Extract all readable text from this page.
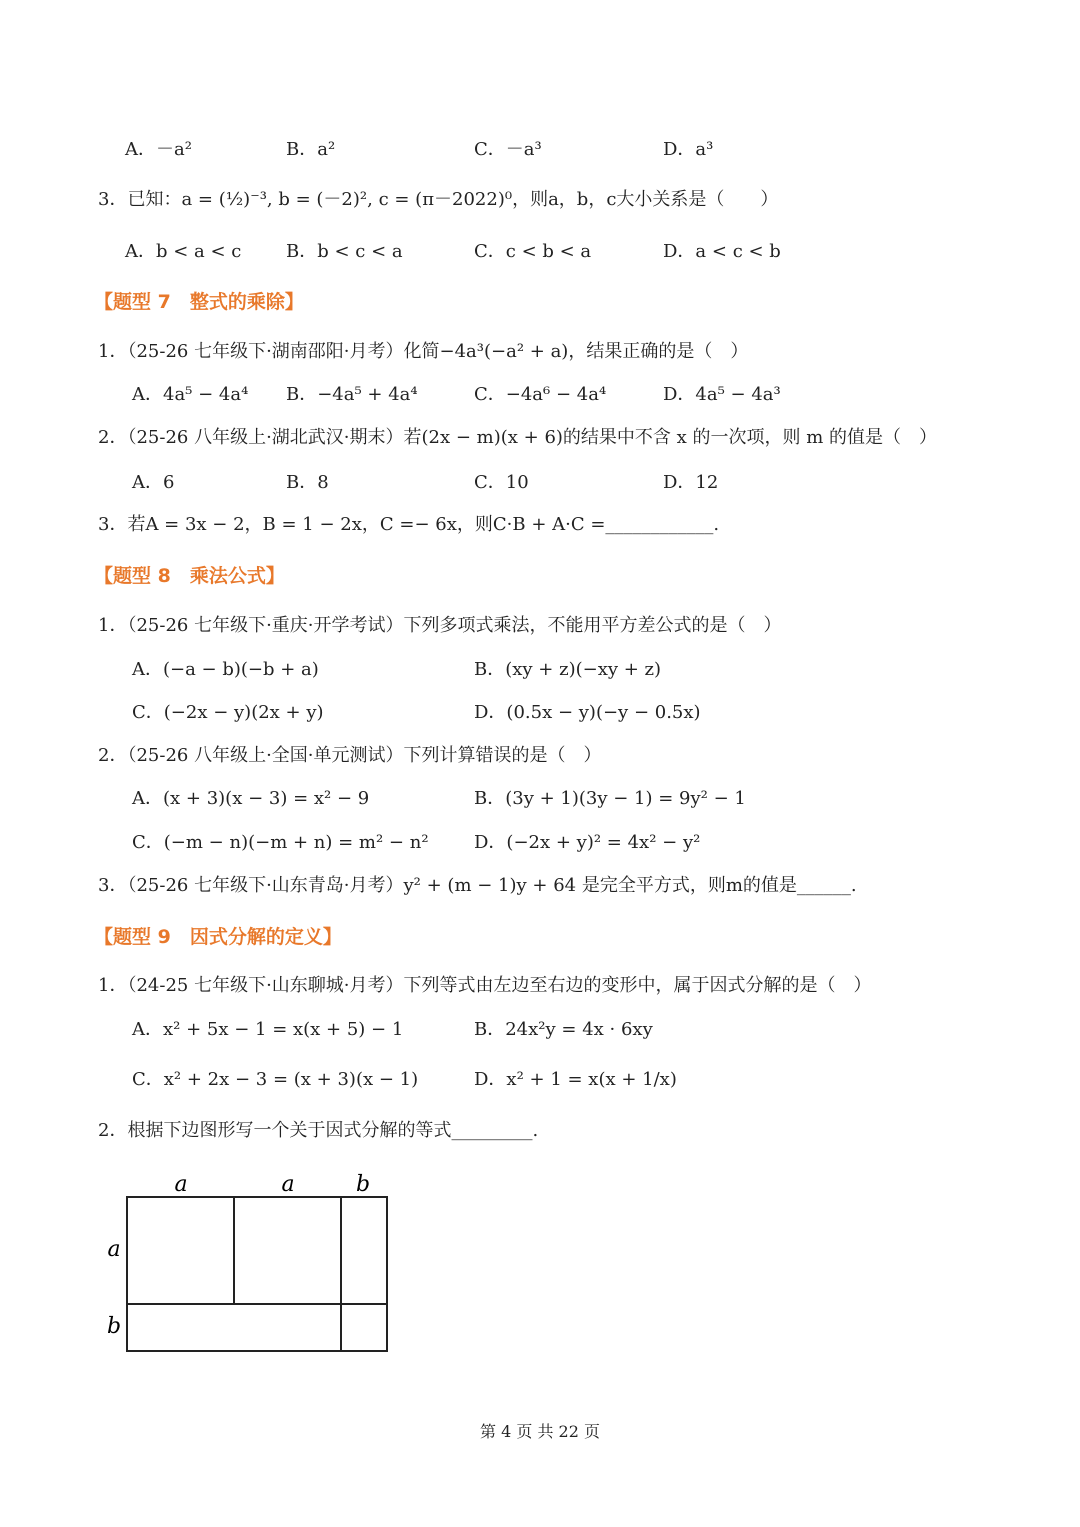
A．－a²	B．a²	C．－a³	D．a³
3．已知：a = (½)⁻³, b = (－2)², c = (π－2022)⁰，则a，b，c大小关系是（　　）
A．b < a < c B．b < c < a	C．c < b < a	D．a < c < b
【题型 7　整式的乘除】
1．（25-26 七年级下·湖南邵阳·月考）化简−4a³(−a² + a)，结果正确的是（　）
A．4a⁵ − 4a⁴ B．−4a⁵ + 4a⁴	C．−4a⁶ − 4a⁴	D．4a⁵ − 4a³
2．（25-26 八年级上·湖北武汉·期末）若(2x − m)(x + 6)的结果中不含 x 的一次项，则 m 的值是（　）
A．6	B．8	C．10	D．12
3．若A = 3x − 2，B = 1 − 2x，C =− 6x，则C·B + A·C =____________.
【题型 8　乘法公式】
1．（25-26 七年级下·重庆·开学考试）下列多项式乘法，不能用平方差公式的是（　）
A．(−a − b)(−b + a)	B．(xy + z)(−xy + z)
C．(−2x − y)(2x + y)	D．(0.5x − y)(−y − 0.5x)
2．（25-26 八年级上·全国·单元测试）下列计算错误的是（　）
A．(x + 3)(x − 3) = x² − 9	B．(3y + 1)(3y − 1) = 9y² − 1
C．(−m − n)(−m + n) = m² − n²	D．(−2x + y)² = 4x² − y²
3．（25-26 七年级下·山东青岛·月考）y² + (m − 1)y + 64 是完全平方式，则m的值是______.
【题型 9　因式分解的定义】
1．（24-25 七年级下·山东聊城·月考）下列等式由左边至右边的变形中，属于因式分解的是（　）
A．x² + 5x − 1 = x(x + 5) − 1	B．24x²y = 4x · 6xy
C．x² + 2x − 3 = (x + 3)(x − 1)	D．x² + 1 = x(x + 1/x)
2．根据下边图形写一个关于因式分解的等式_________.
a	a	b
a
b
第 4 页 共 22 页
